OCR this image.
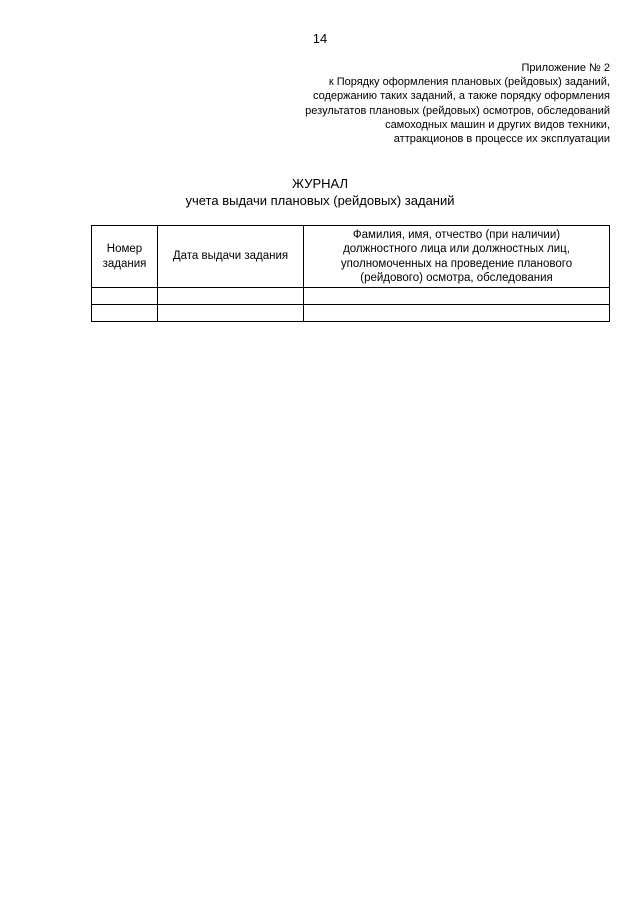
14
Приложение № 2
к Порядку оформления плановых (рейдовых) заданий,
содержанию таких заданий, а также порядку оформления
результатов плановых (рейдовых) осмотров, обследований
самоходных машин и других видов техники,
аттракционов в процессе их эксплуатации
ЖУРНАЛ
учета выдачи плановых (рейдовых) заданий
Номер
задания	Дата выдачи задания	Фамилия, имя, отчество (при наличии)
должностного лица или должностных лиц,
уполномоченных на проведение планового
(рейдового) осмотра, обследования
